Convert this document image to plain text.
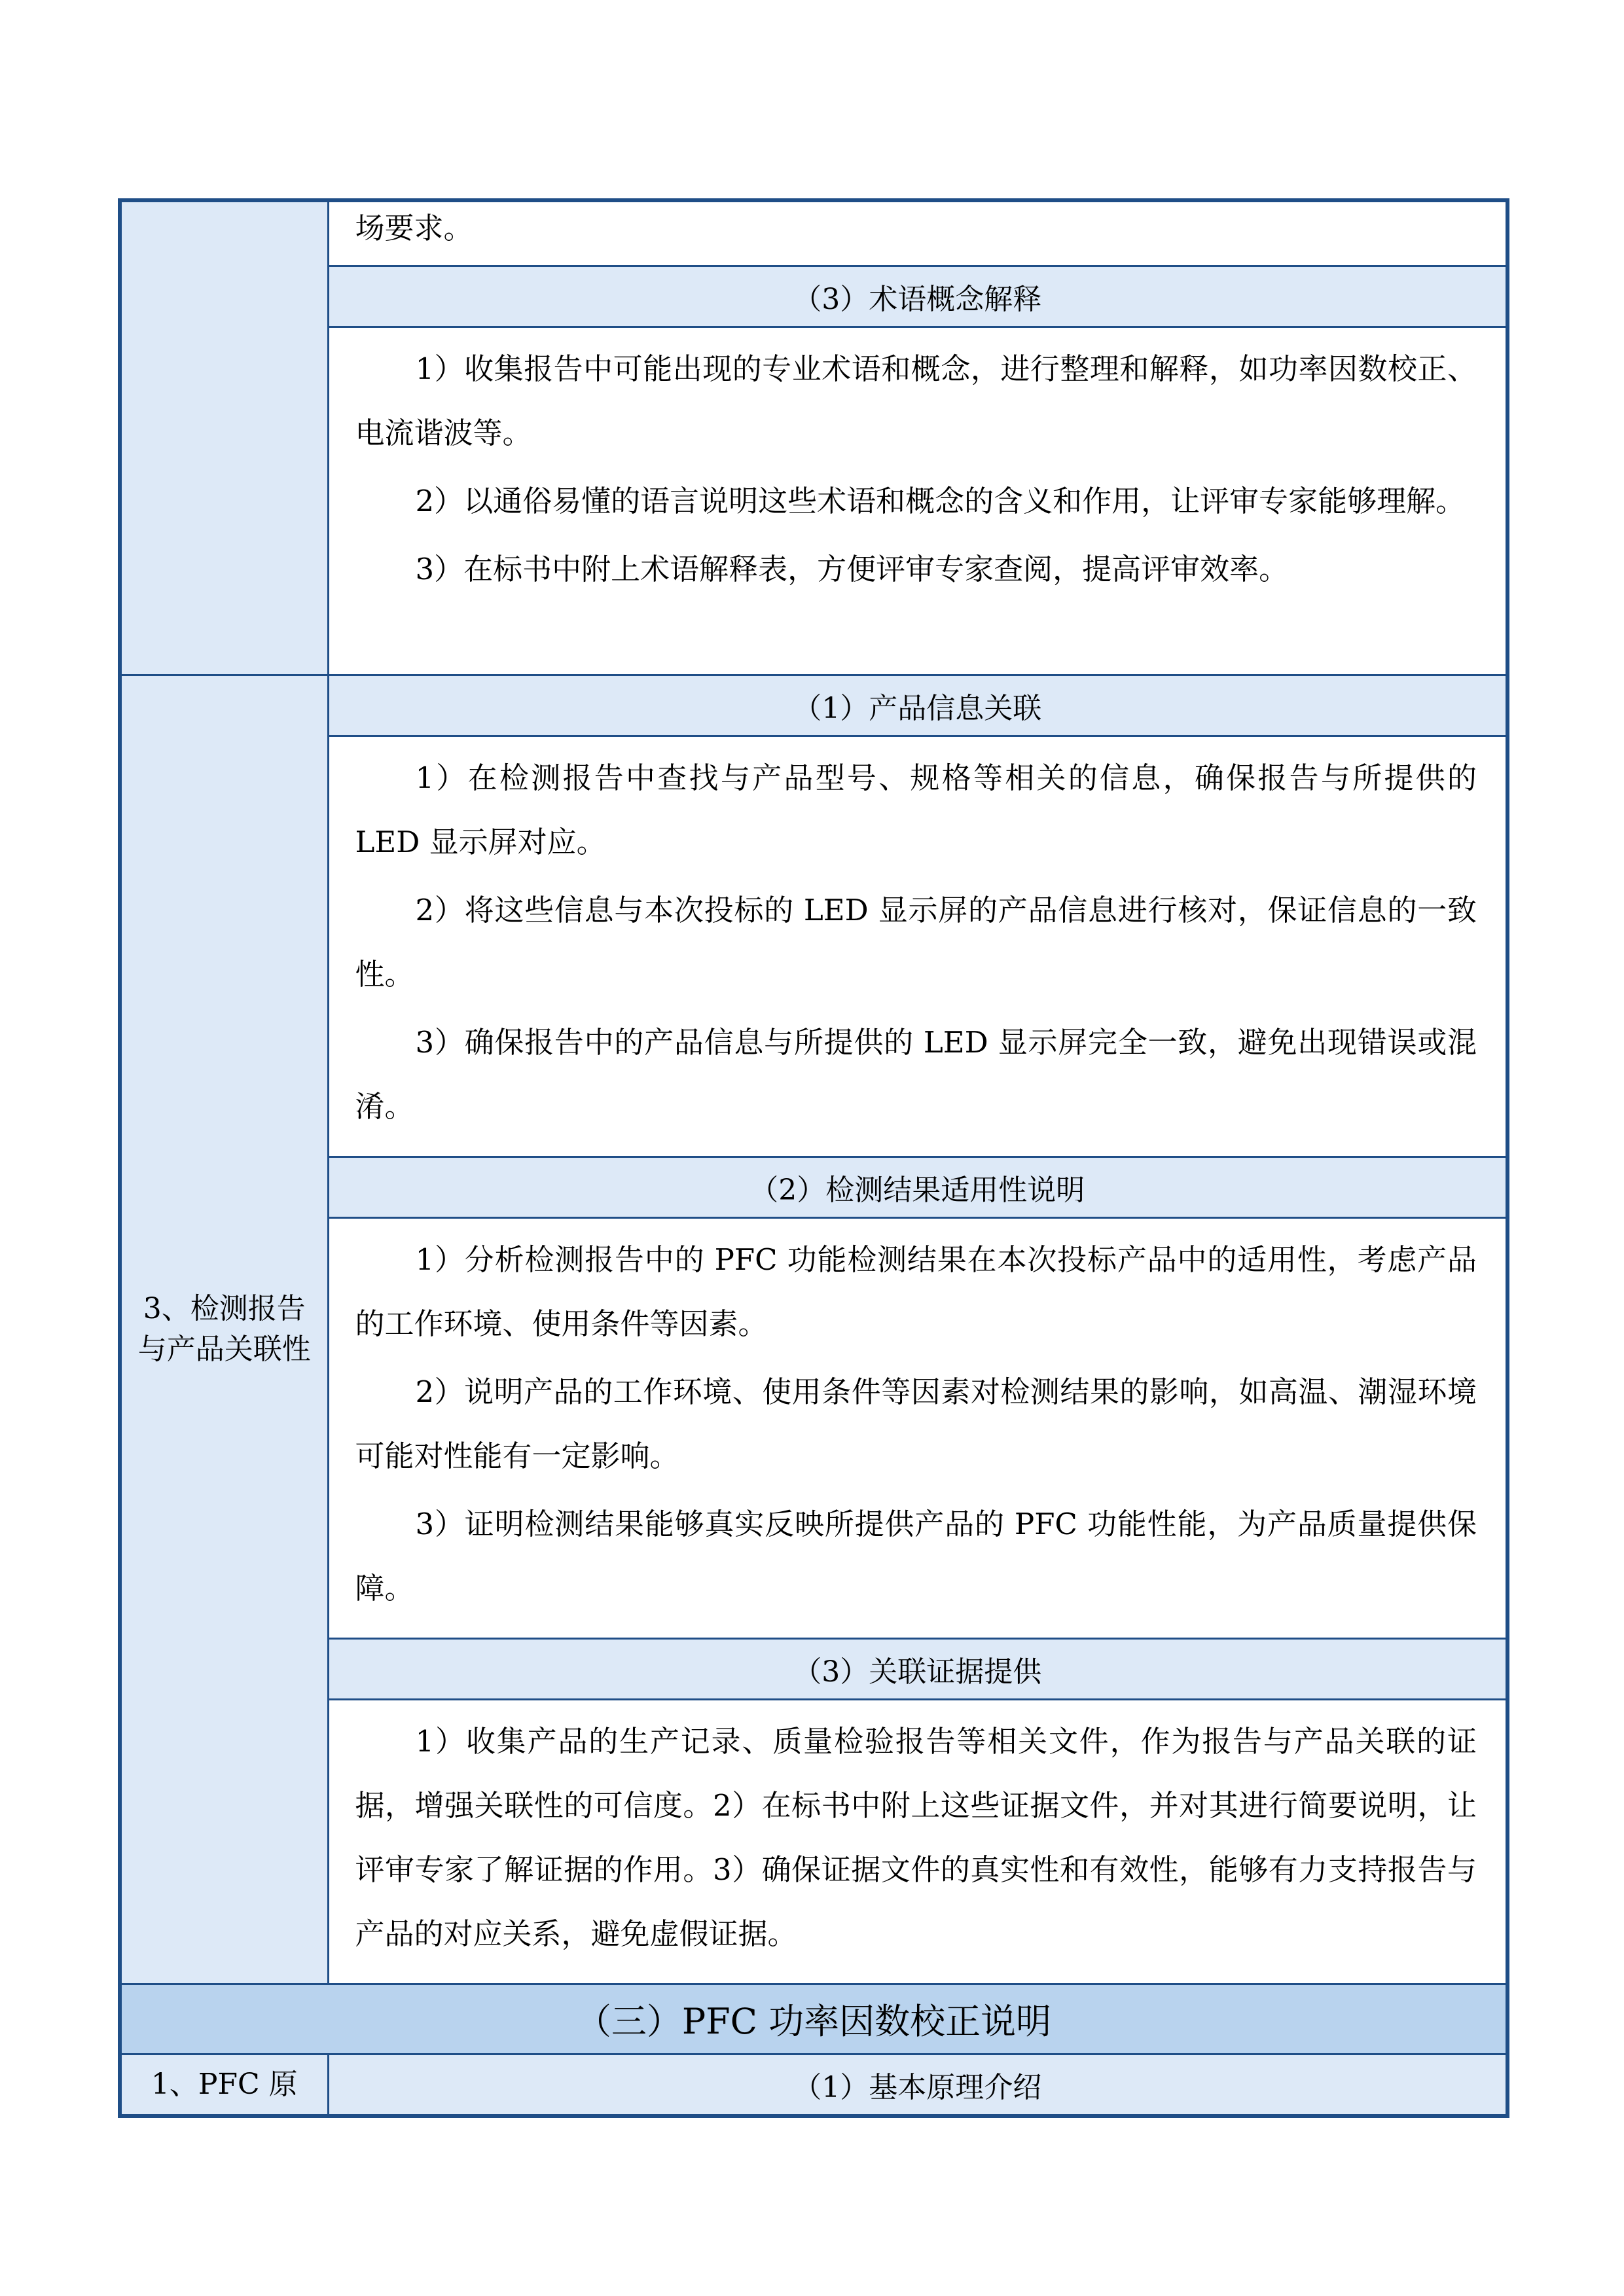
	场要求。

	（3）术语概念解释

	1）收集报告中可能出现的专业术语和概念，进行整理和解释，如功率因数校正、电流谐波等。

2）以通俗易懂的语言说明这些术语和概念的含义和作用，让评审专家能够理解。

3）在标书中附上术语解释表，方便评审专家查阅，提高评审效率。

3、检测报告与产品关联性	（1）产品信息关联

	1）在检测报告中查找与产品型号、规格等相关的信息，确保报告与所提供的 LED 显示屏对应。

2）将这些信息与本次投标的 LED 显示屏的产品信息进行核对，保证信息的一致性。

3）确保报告中的产品信息与所提供的 LED 显示屏完全一致，避免出现错误或混淆。

	（2）检测结果适用性说明

	1）分析检测报告中的 PFC 功能检测结果在本次投标产品中的适用性，考虑产品的工作环境、使用条件等因素。

2）说明产品的工作环境、使用条件等因素对检测结果的影响，如高温、潮湿环境可能对性能有一定影响。

3）证明检测结果能够真实反映所提供产品的 PFC 功能性能，为产品质量提供保障。

	（3）关联证据提供

	1）收集产品的生产记录、质量检验报告等相关文件，作为报告与产品关联的证据，增强关联性的可信度。2）在标书中附上这些证据文件，并对其进行简要说明，让评审专家了解证据的作用。3）确保证据文件的真实性和有效性，能够有力支持报告与产品的对应关系，避免虚假证据。

（三）PFC 功率因数校正说明	

1、PFC 原	（1）基本原理介绍
